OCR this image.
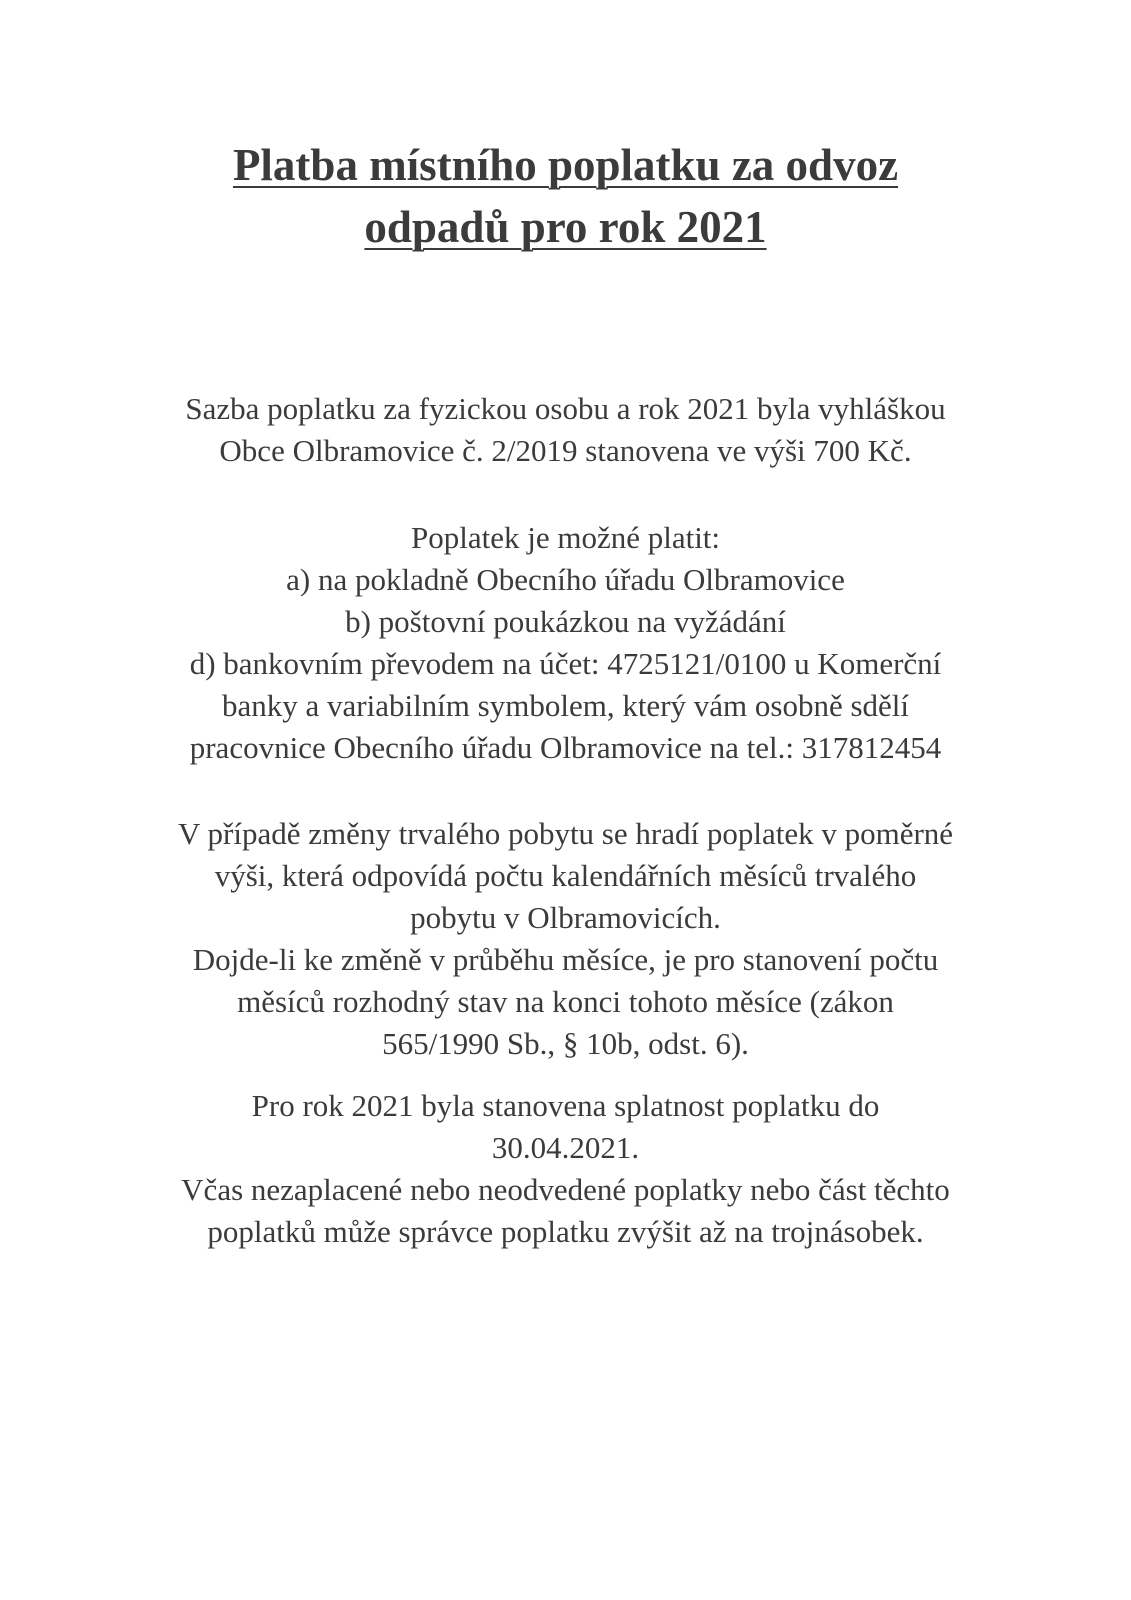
Platba místního poplatku za odvoz
odpadů pro rok 2021
Sazba poplatku za fyzickou osobu a rok 2021 byla vyhláškou
Obce Olbramovice č. 2/2019 stanovena ve výši 700 Kč.
Poplatek je možné platit:
a) na pokladně Obecního úřadu Olbramovice
b) poštovní poukázkou na vyžádání
d) bankovním převodem na účet: 4725121/0100 u Komerční
banky a variabilním symbolem, který vám osobně sdělí
pracovnice Obecního úřadu Olbramovice na tel.: 317812454
V případě změny trvalého pobytu se hradí poplatek v poměrné
výši, která odpovídá počtu kalendářních měsíců trvalého
pobytu v Olbramovicích.
Dojde-li ke změně v průběhu měsíce, je pro stanovení počtu
měsíců rozhodný stav na konci tohoto měsíce (zákon
565/1990 Sb., § 10b, odst. 6).
Pro rok 2021 byla stanovena splatnost poplatku do
30.04.2021.
Včas nezaplacené nebo neodvedené poplatky nebo část těchto
poplatků může správce poplatku zvýšit až na trojnásobek.
